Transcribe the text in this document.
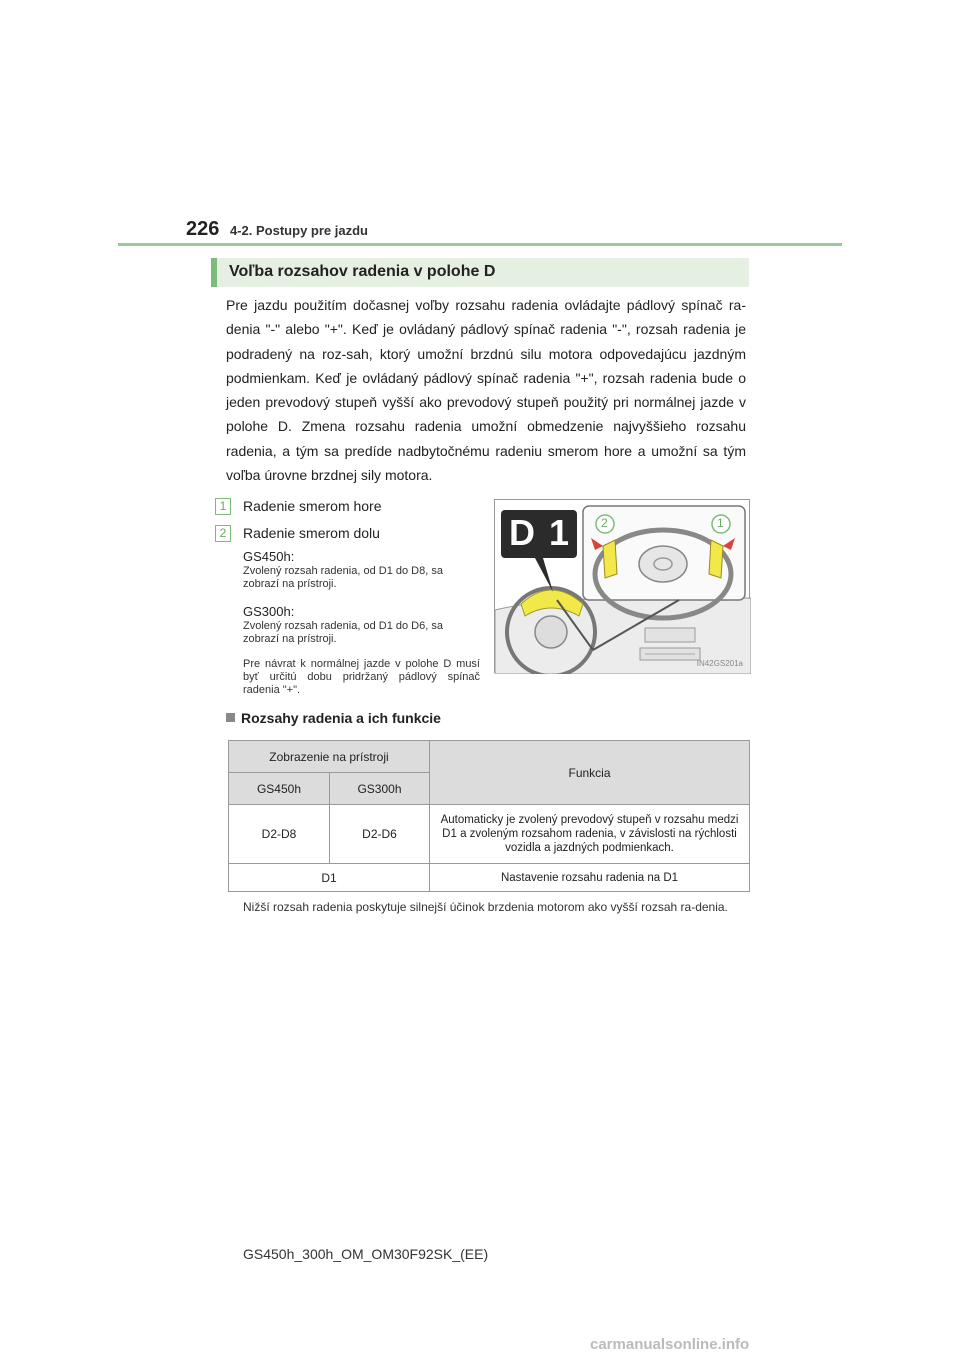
226 4-2. Postupy pre jazdu
Voľba rozsahov radenia v polohe D

Pre jazdu použitím dočasnej voľby rozsahu radenia ovládajte pádlový spínač ra-denia "-" alebo "+". Keď je ovládaný pádlový spínač radenia "-", rozsah radenia je podradený na roz-sah, ktorý umožní brzdnú silu motora odpovedajúcu jazdným podmienkam. Keď je ovládaný pádlový spínač radenia "+", rozsah radenia bude o jeden prevodový stupeň vyšší ako prevodový stupeň použitý pri normálnej jazde v polohe D. Zmena rozsahu radenia umožní obmedzenie najvyššieho rozsahu radenia, a tým sa predíde nadbytočnému radeniu smerom hore a umožní sa tým voľba úrovne brzdnej sily motora.

1	Radenie smerom hore
2	Radenie smerom dolu
GS450h:
Zvolený rozsah radenia, od D1 do D8, sa zobrazí na prístroji.
GS300h:
Zvolený rozsah radenia, od D1 do D6, sa zobrazí na prístroji.
Pre návrat k normálnej jazde v polohe D musí byť určitú dobu pridržaný pádlový spínač radenia "+".
D 1 2	1
IN42GS201a
Rozsahy radenia a ich funkcie
Zobrazenie na prístroji		Funkcia
GS450h	GS300h	
D2-D8	D2-D6	Automaticky je zvolený prevodový stupeň v rozsahu medzi D1 a zvoleným rozsahom radenia, v závislosti na rýchlosti vozidla a jazdných podmienkach.
D1		Nastavenie rozsahu radenia na D1

Nižší rozsah radenia poskytuje silnejší účinok brzdenia motorom ako vyšší rozsah ra-denia.

GS450h_300h_OM_OM30F92SK_(EE)
carmanualsonline.info
